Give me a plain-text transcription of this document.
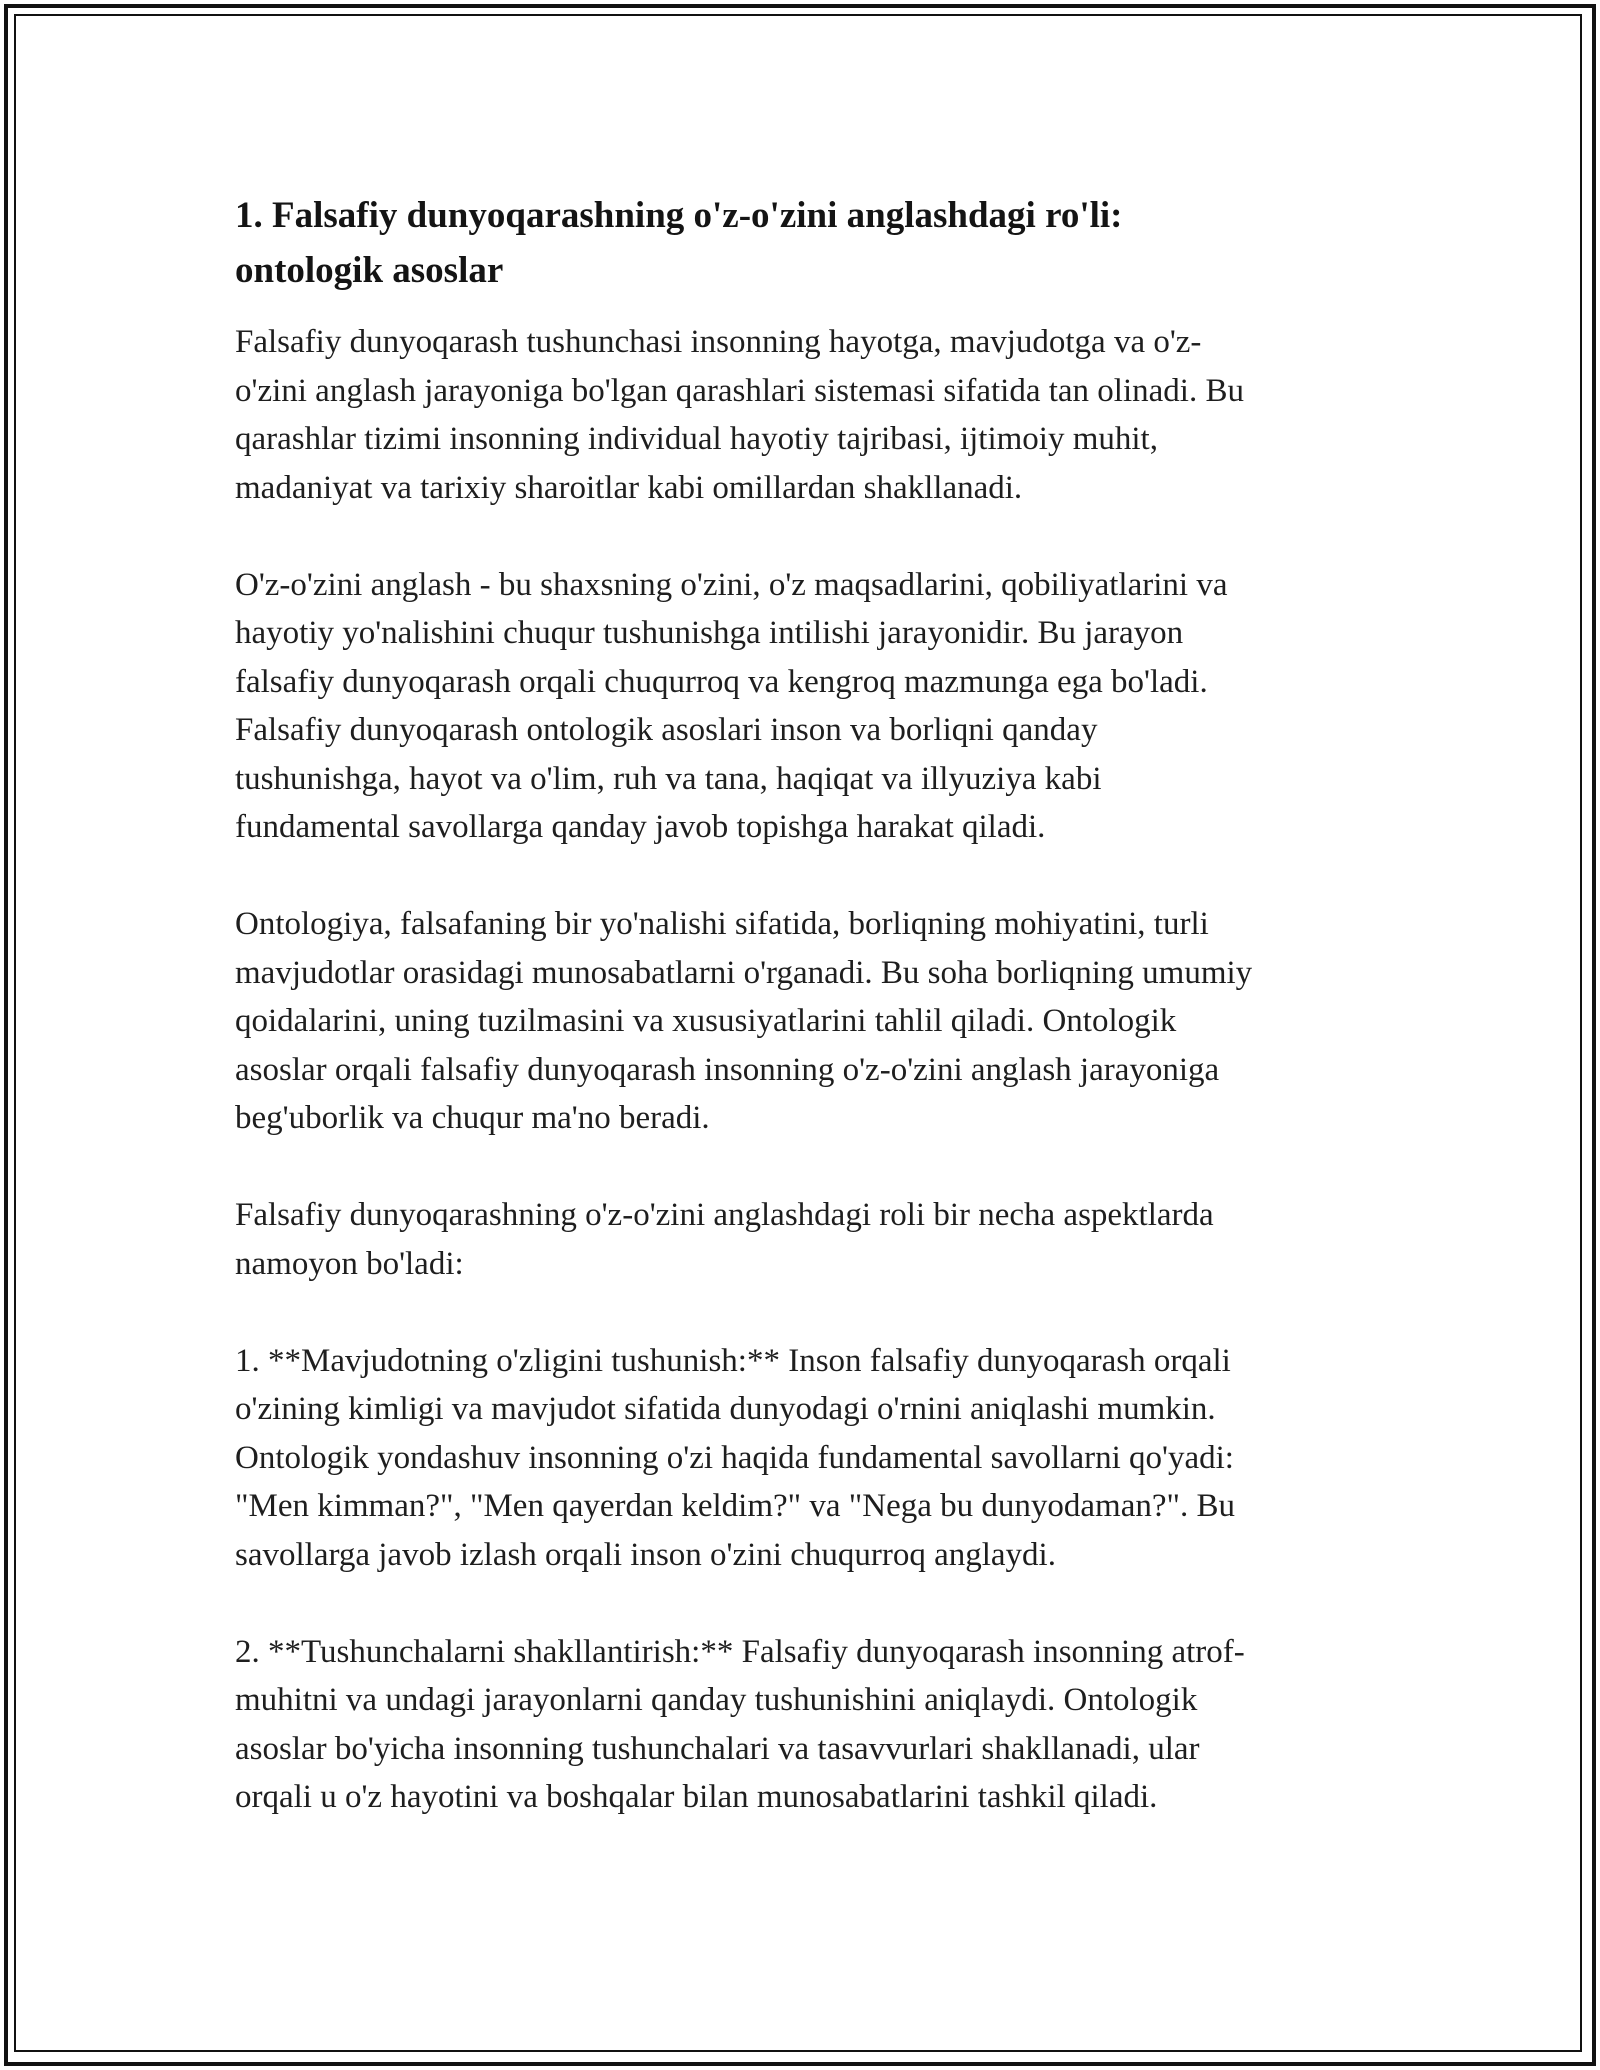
1. Falsafiy dunyoqarashning o'z-o'zini anglashdagi ro'li:
ontologik asoslar

Falsafiy dunyoqarash tushunchasi insonning hayotga, mavjudotga va o'z-
o'zini anglash jarayoniga bo'lgan qarashlari sistemasi sifatida tan olinadi. Bu
qarashlar tizimi insonning individual hayotiy tajribasi, ijtimoiy muhit,
madaniyat va tarixiy sharoitlar kabi omillardan shakllanadi.

O'z-o'zini anglash - bu shaxsning o'zini, o'z maqsadlarini, qobiliyatlarini va
hayotiy yo'nalishini chuqur tushunishga intilishi jarayonidir. Bu jarayon
falsafiy dunyoqarash orqali chuqurroq va kengroq mazmunga ega bo'ladi.
Falsafiy dunyoqarash ontologik asoslari inson va borliqni qanday
tushunishga, hayot va o'lim, ruh va tana, haqiqat va illyuziya kabi
fundamental savollarga qanday javob topishga harakat qiladi.

Ontologiya, falsafaning bir yo'nalishi sifatida, borliqning mohiyatini, turli
mavjudotlar orasidagi munosabatlarni o'rganadi. Bu soha borliqning umumiy
qoidalarini, uning tuzilmasini va xususiyatlarini tahlil qiladi. Ontologik
asoslar orqali falsafiy dunyoqarash insonning o'z-o'zini anglash jarayoniga
beg'uborlik va chuqur ma'no beradi.

Falsafiy dunyoqarashning o'z-o'zini anglashdagi roli bir necha aspektlarda
namoyon bo'ladi:

1. **Mavjudotning o'zligini tushunish:** Inson falsafiy dunyoqarash orqali
o'zining kimligi va mavjudot sifatida dunyodagi o'rnini aniqlashi mumkin.
Ontologik yondashuv insonning o'zi haqida fundamental savollarni qo'yadi:
"Men kimman?", "Men qayerdan keldim?" va "Nega bu dunyodaman?". Bu
savollarga javob izlash orqali inson o'zini chuqurroq anglaydi.

2. **Tushunchalarni shakllantirish:** Falsafiy dunyoqarash insonning atrof-
muhitni va undagi jarayonlarni qanday tushunishini aniqlaydi. Ontologik
asoslar bo'yicha insonning tushunchalari va tasavvurlari shakllanadi, ular
orqali u o'z hayotini va boshqalar bilan munosabatlarini tashkil qiladi.
